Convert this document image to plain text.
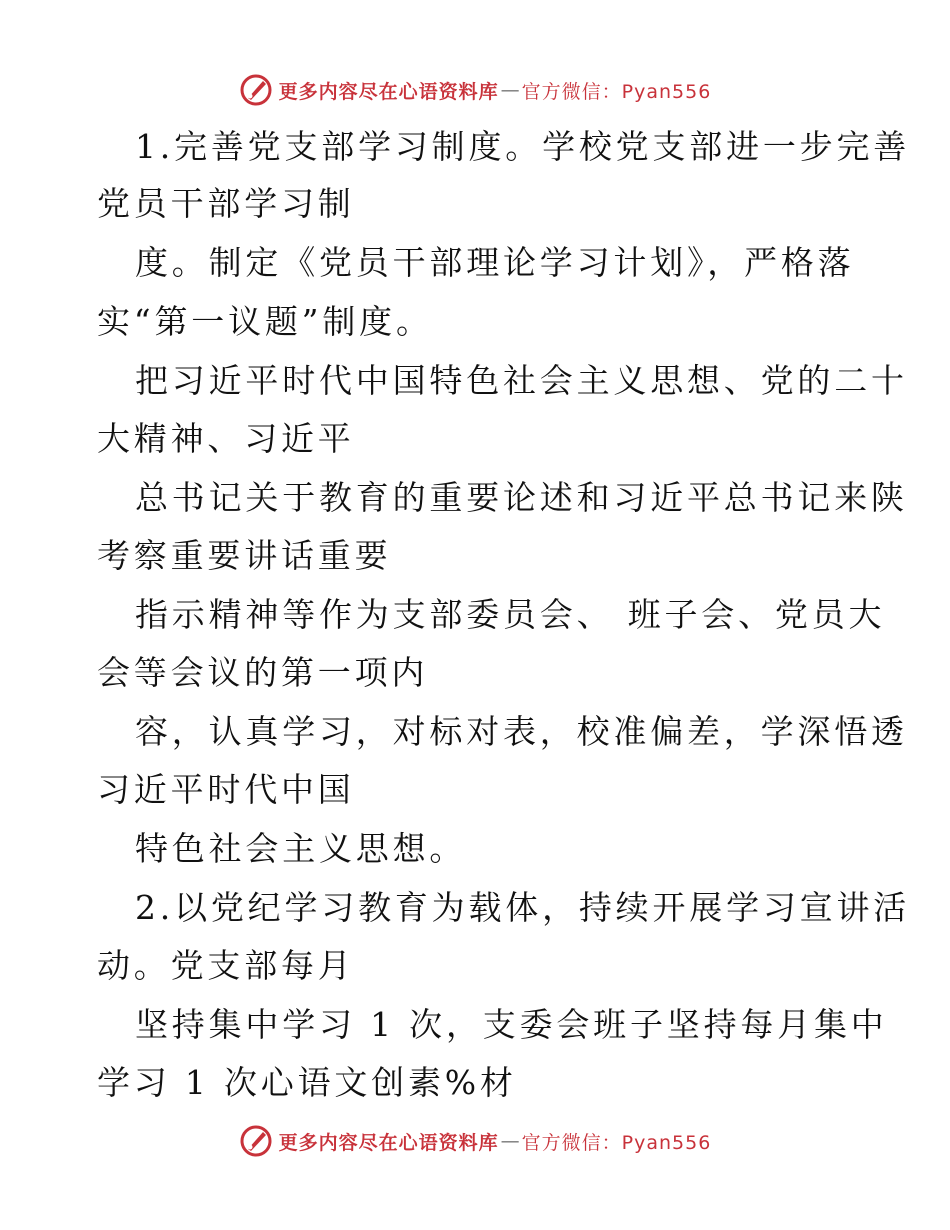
更多内容尽在心语资料库 — 官方微信：Pyan556
1.完善党支部学习制度。学校党支部进一步完善
党员干部学习制
度。制定《党员干部理论学习计划》，严格落
实“第一议题”制度。
把习近平时代中国特色社会主义思想、党的二十
大精神、习近平
总书记关于教育的重要论述和习近平总书记来陕
考察重要讲话重要
指示精神等作为支部委员会、 班子会、党员大
会等会议的第一项内
容，认真学习，对标对表，校准偏差，学深悟透
习近平时代中国
特色社会主义思想。
2.以党纪学习教育为载体，持续开展学习宣讲活
动。党支部每月
坚持集中学习 1 次，支委会班子坚持每月集中
学习 1 次心语文创素%材
更多内容尽在心语资料库 — 官方微信：Pyan556
